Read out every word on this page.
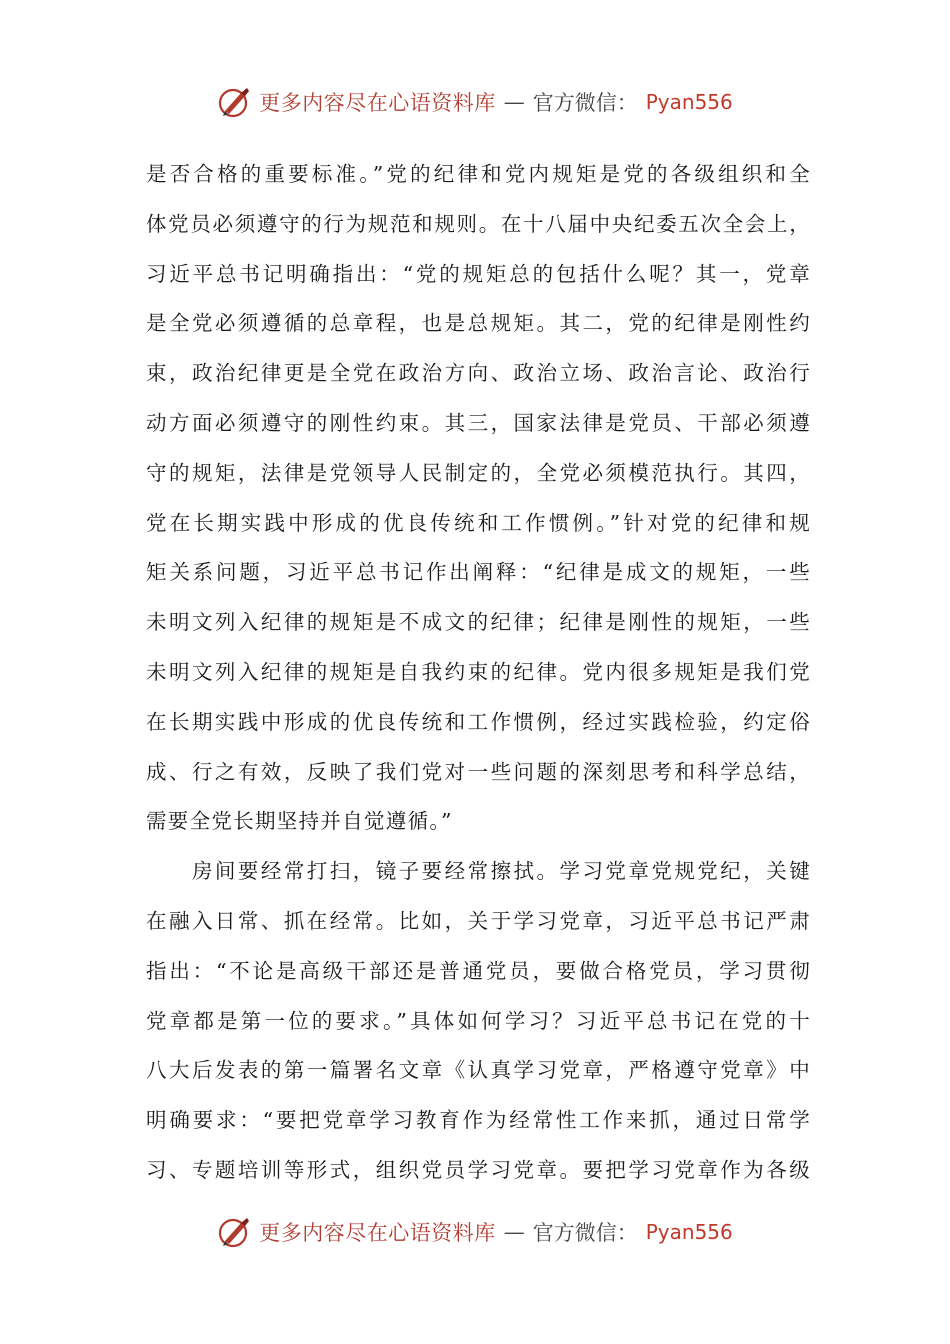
更多内容尽在心语资料库 — 官方微信： Pyan556
是否合格的重要标准。”党的纪律和党内规矩是党的各级组织和全
体党员必须遵守的行为规范和规则。在十八届中央纪委五次全会上，
习近平总书记明确指出：“党的规矩总的包括什么呢？其一，党章
是全党必须遵循的总章程，也是总规矩。其二，党的纪律是刚性约
束，政治纪律更是全党在政治方向、政治立场、政治言论、政治行
动方面必须遵守的刚性约束。其三，国家法律是党员、干部必须遵
守的规矩，法律是党领导人民制定的，全党必须模范执行。其四，
党在长期实践中形成的优良传统和工作惯例。”针对党的纪律和规
矩关系问题，习近平总书记作出阐释：“纪律是成文的规矩，一些
未明文列入纪律的规矩是不成文的纪律；纪律是刚性的规矩，一些
未明文列入纪律的规矩是自我约束的纪律。党内很多规矩是我们党
在长期实践中形成的优良传统和工作惯例，经过实践检验，约定俗
成、行之有效，反映了我们党对一些问题的深刻思考和科学总结，
需要全党长期坚持并自觉遵循。”
　　房间要经常打扫，镜子要经常擦拭。学习党章党规党纪，关键
在融入日常、抓在经常。比如，关于学习党章，习近平总书记严肃
指出：“不论是高级干部还是普通党员，要做合格党员，学习贯彻
党章都是第一位的要求。”具体如何学习？习近平总书记在党的十
八大后发表的第一篇署名文章《认真学习党章，严格遵守党章》中
明确要求：“要把党章学习教育作为经常性工作来抓，通过日常学
习、专题培训等形式，组织党员学习党章。要把学习党章作为各级
更多内容尽在心语资料库 — 官方微信： Pyan556
